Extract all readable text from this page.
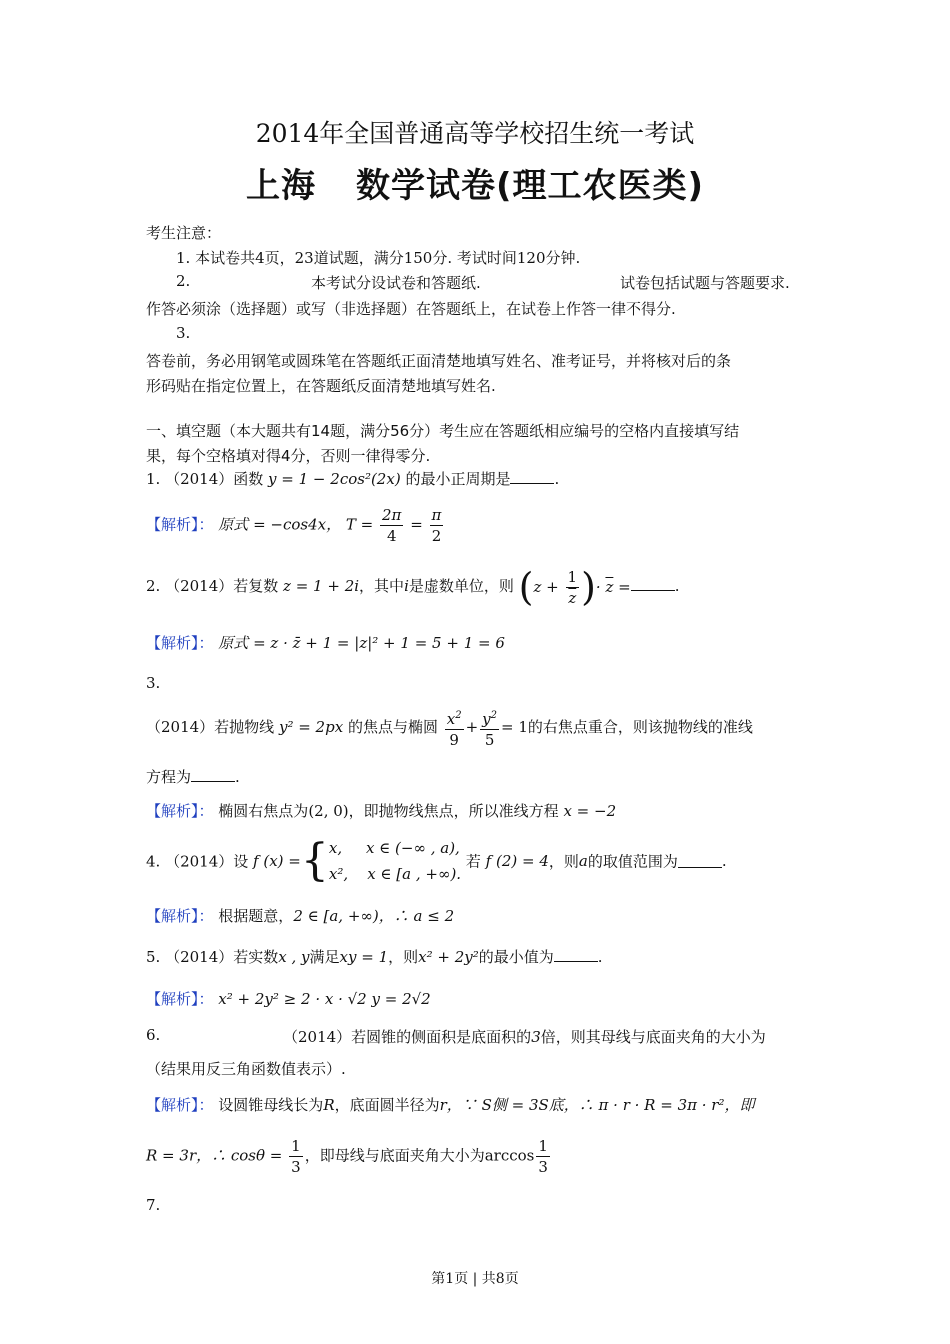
2014年全国普通高等学校招生统一考试
上海 数学试卷(理工农医类)
考生注意：
1. 本试卷共4页，23道试题，满分150分. 考试时间120分钟.
2.	本考试分设试卷和答题纸.	试卷包括试题与答题要求.
作答必须涂（选择题）或写（非选择题）在答题纸上，在试卷上作答一律不得分.
3.
答卷前，务必用钢笔或圆珠笔在答题纸正面清楚地填写姓名、准考证号，并将核对后的条
形码贴在指定位置上，在答题纸反面清楚地填写姓名.
一、填空题（本大题共有14题，满分56分）考生应在答题纸相应编号的空格内直接填写结
果，每个空格填对得4分，否则一律得零分.
1. （2014）函数 y = 1 − 2cos²(2x) 的最小正周期是	.
【解析】： 原式 = −cos4x， $T = \frac{2\pi}{4} = \frac{\pi}{2}$
2. （2014）若复数 z = 1 + 2i，其中i是虚数单位，则 ($z + \frac{1}{z}$ )· $\overline{z}$ =	.
【解析】： 原式 = z · z̄ + 1 = |z|² + 1 = 5 + 1 = 6
3.
（2014）若抛物线 y² = 2px 的焦点与椭圆 $\frac{x^2}{9} + \frac{y^2}{5} = 1$的右焦点重合，则该抛物线的准线
方程为	.
【解析】： 椭圆右焦点为(2, 0)，即抛物线焦点，所以准线方程 x = −2
4. （2014）设 f (x) ={ x,     x ∈ (−∞ , a),
x²,    x ∈ [a , +∞).
若 f (2) = 4，则a的取值范围为	.
【解析】： 根据题意，2 ∈ [a, +∞)，∴ a ≤ 2
5. （2014）若实数x , y满足xy = 1，则x² + 2y²的最小值为	.
【解析】： x² + 2y² ≥ 2 · x · √2 y = 2√2
6.	（2014）若圆锥的侧面积是底面积的3倍，则其母线与底面夹角的大小为
（结果用反三角函数值表示）.
【解析】： 设圆锥母线长为R，底面圆半径为r，∵ S侧 = 3S底，∴ π · r · R = 3π · r²，即
R = 3r，∴ $\cos\theta = \frac{1}{3}$ ，即母线与底面夹角大小为$\arccos \frac{1}{3}$
7.
第1页 | 共8页
